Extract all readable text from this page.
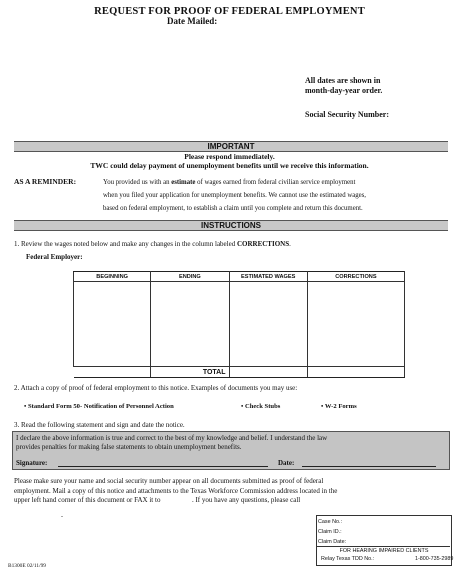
REQUEST FOR PROOF OF FEDERAL EMPLOYMENT
Date Mailed:
All dates are shown in
month-day-year order.
Social Security Number:
IMPORTANT
Please respond immediately.
TWC could delay payment of unemployment benefits until we receive this information.
AS A REMINDER:	You provided us with an estimate of wages earned from federal civilian service employment
when you filed your application for unemployment benefits. We cannot use the estimated wages,
based on federal employment, to establish a claim until you complete and return this document.
INSTRUCTIONS
1. Review the wages noted below and make any changes in the column labeled CORRECTIONS.
Federal Employer:
BEGINNING	ENDING	ESTIMATED WAGES	CORRECTIONS

	TOTAL		
2. Attach a copy of proof of federal employment to this notice. Examples of documents you may use:
• Standard Form 50- Notification of Personnel Action	• Check Stubs	• W-2 Forms
3. Read the following statement and sign and date the notice.
I declare the above information is true and correct to the best of my knowledge and belief. I understand the law
provides penalties for making false statements to obtain unemployment benefits.
Signature:	Date:
Please make sure your name and social security number appear on all documents submitted as proof of federal
employment. Mail a copy of this notice and attachments to the Texas Workforce Commission address located in the
upper left hand corner of this document or FAX it to                  . If you have any questions, please call
.
Case No.:
Claim ID.:
Claim Date:
FOR HEARING IMPAIRED CLIENTS
Relay Texas TDD No.:	1-800-735-2989
B1300E 02/11/99
